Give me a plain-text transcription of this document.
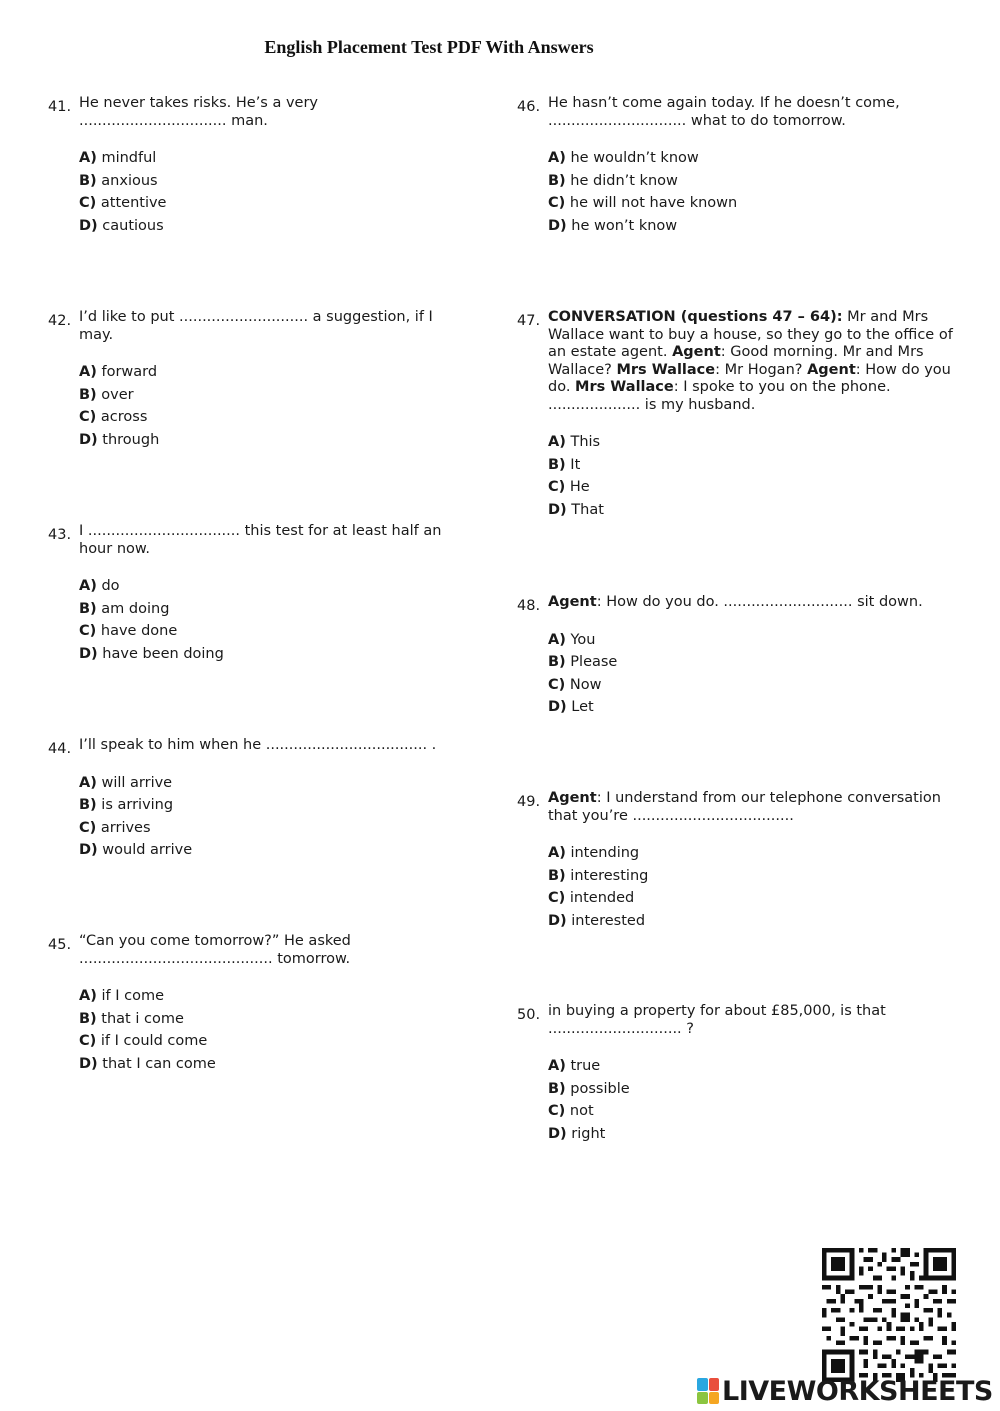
English Placement Test PDF With Answers
41. He never takes risks. He’s a very ................................ man.
A) mindful
B) anxious
C) attentive
D) cautious
42. I’d like to put ............................ a suggestion, if I may.
A) forward
B) over
C) across
D) through
43. I ................................. this test for at least half an hour now.
A) do
B) am doing
C) have done
D) have been doing
44. I’ll speak to him when he ................................... .
A) will arrive
B) is arriving
C) arrives
D) would arrive
45. “Can you come tomorrow?” He asked .......................................... tomorrow.
A) if I come
B) that i come
C) if I could come
D) that I can come
46. He hasn’t come again today. If he doesn’t come, .............................. what to do tomorrow.
A) he wouldn’t know
B) he didn’t know
C) he will not have known
D) he won’t know
47. CONVERSATION (questions 47 – 64): Mr and Mrs Wallace want to buy a house, so they go to the office of an estate agent. Agent: Good morning. Mr and Mrs Wallace? Mrs Wallace: Mr Hogan? Agent: How do you do. Mrs Wallace: I spoke to you on the phone. .................... is my husband.
A) This
B) It
C) He
D) That
48. Agent: How do you do. ............................ sit down.
A) You
B) Please
C) Now
D) Let
49. Agent: I understand from our telephone conversation that you’re ...................................
A) intending
B) interesting
C) intended
D) interested
50. in buying a property for about £85,000, is that ............................. ?
A) true
B) possible
C) not
D) right
LIVEWORKSHEETS
